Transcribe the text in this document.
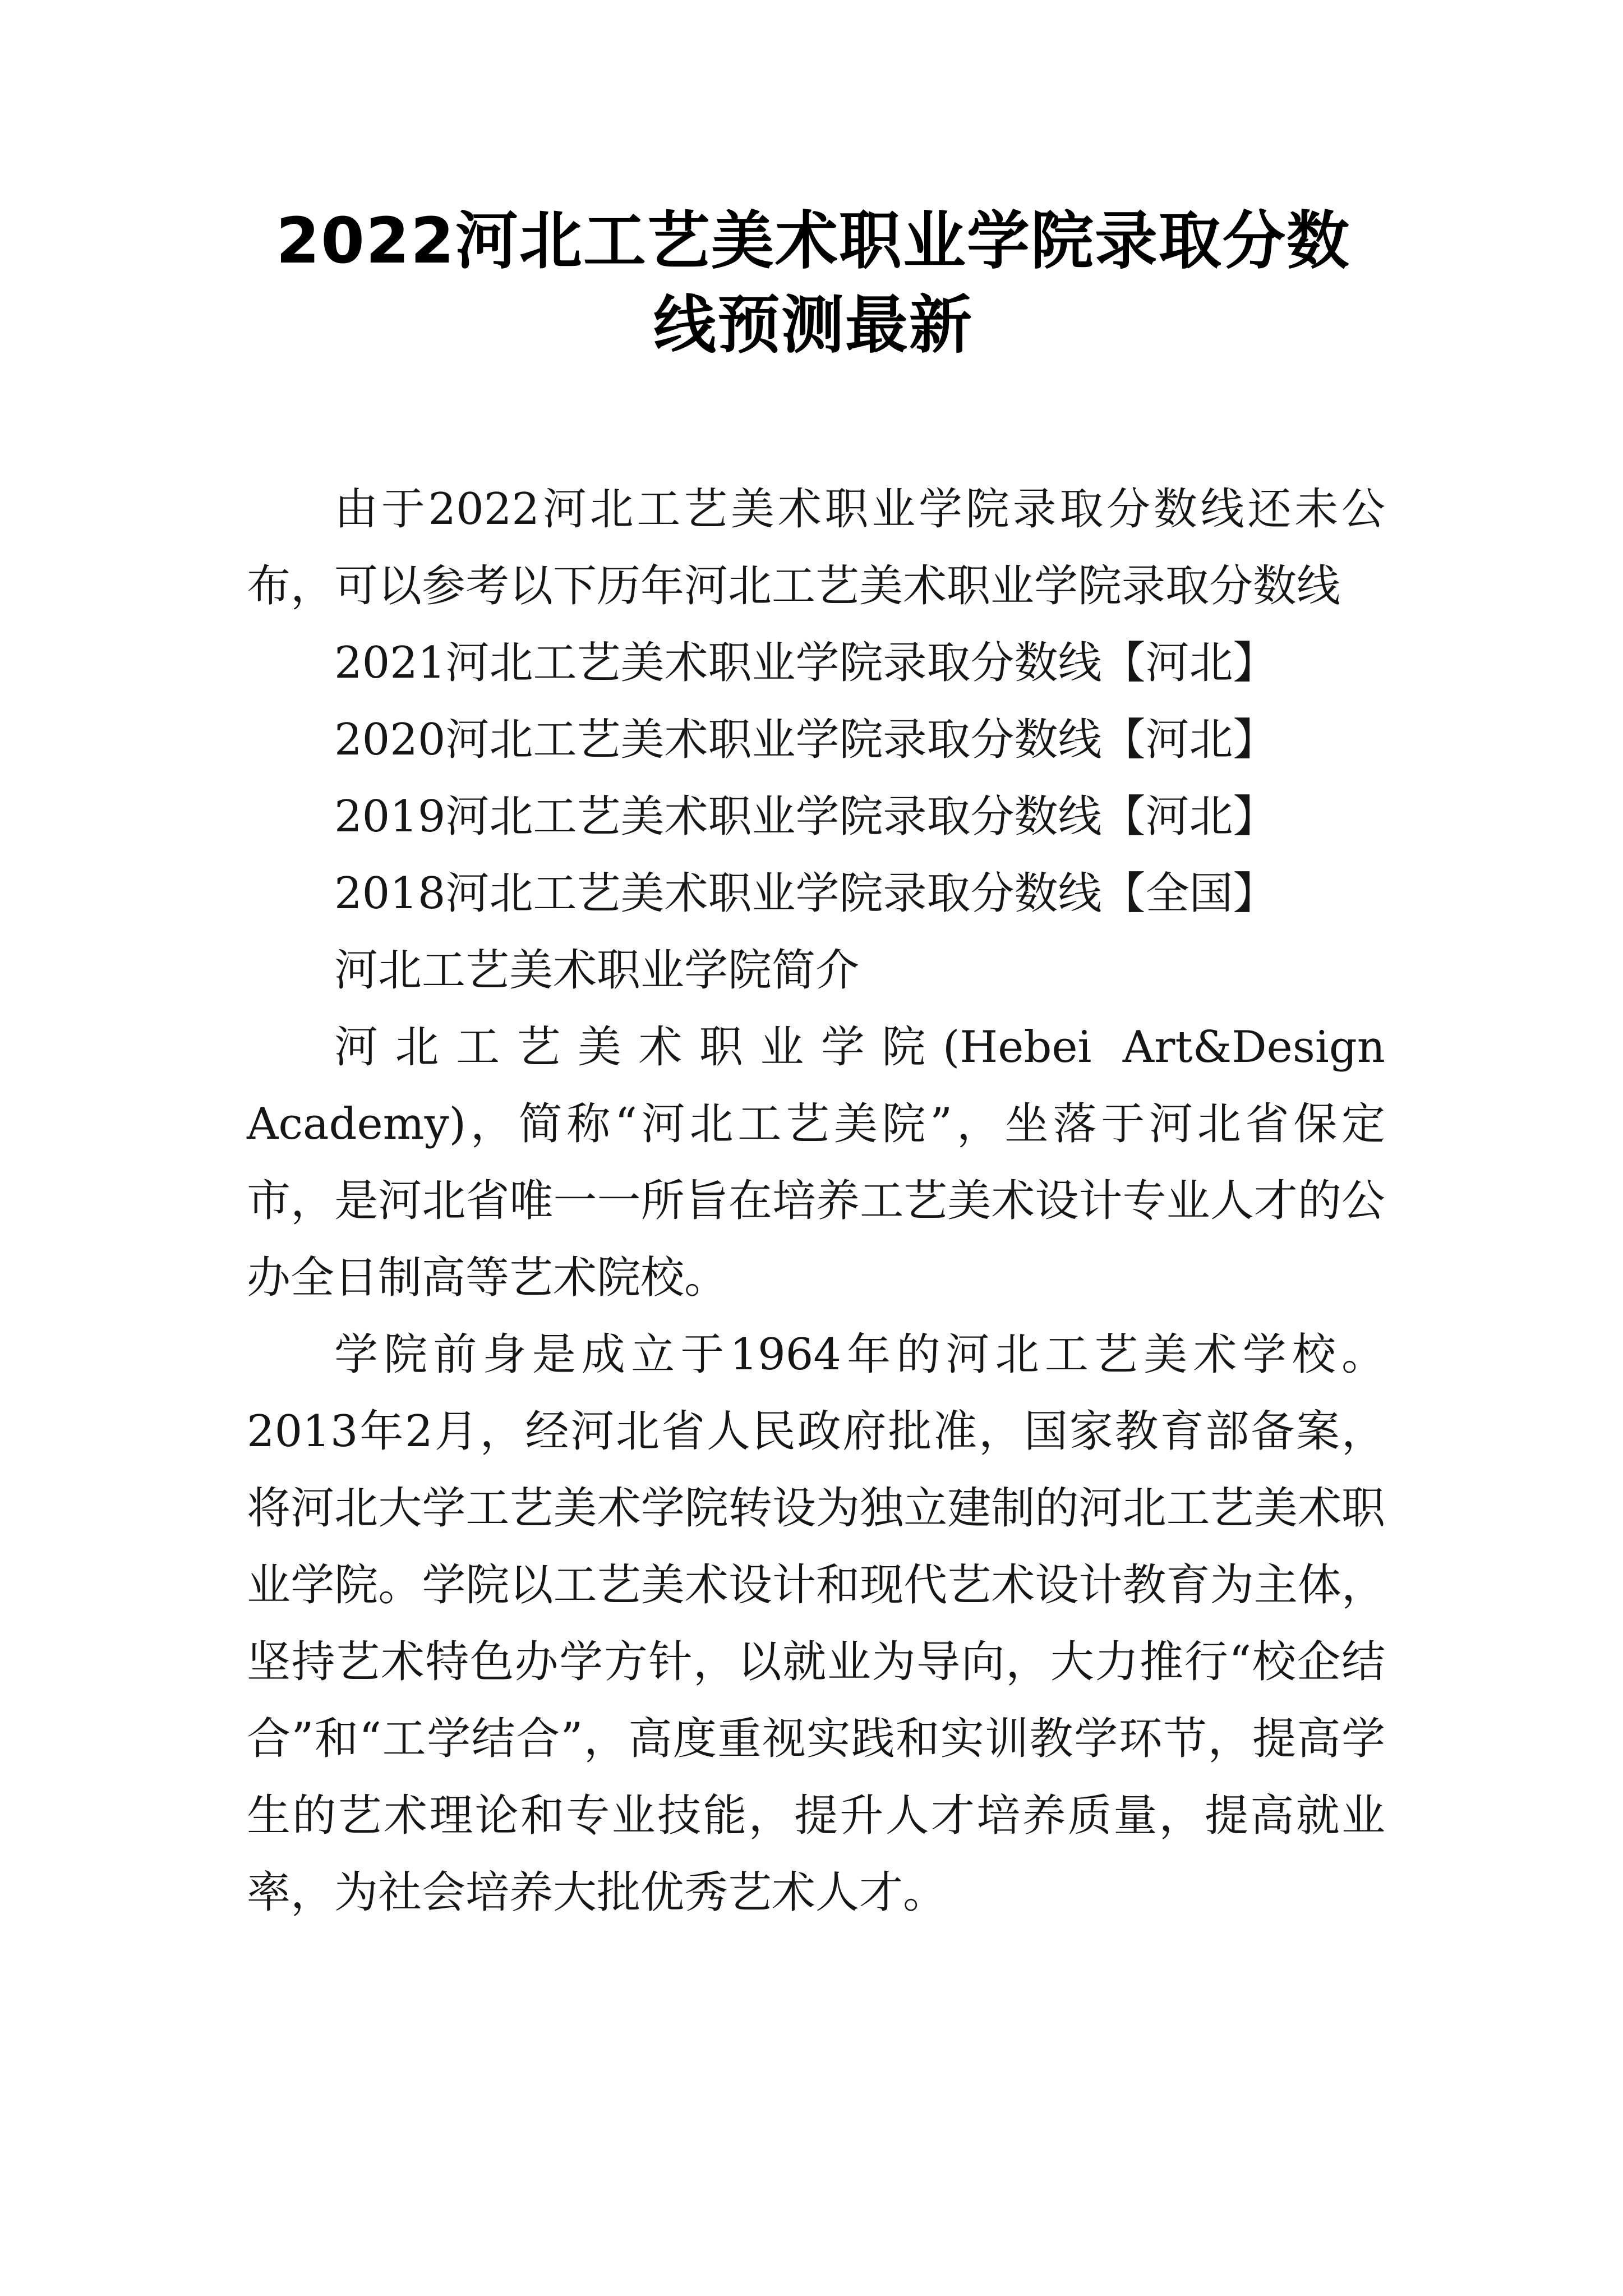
2022河北工艺美术职业学院录取分数线预测最新

由于2022河北工艺美术职业学院录取分数线还未公布，可以参考以下历年河北工艺美术职业学院录取分数线

2021河北工艺美术职业学院录取分数线【河北】

2020河北工艺美术职业学院录取分数线【河北】

2019河北工艺美术职业学院录取分数线【河北】

2018河北工艺美术职业学院录取分数线【全国】

河北工艺美术职业学院简介

河北工艺美术职业学院(Hebei Art&Design Academy)，简称“河北工艺美院”，坐落于河北省保定市，是河北省唯一一所旨在培养工艺美术设计专业人才的公办全日制高等艺术院校。

学院前身是成立于1964年的河北工艺美术学校。2013年2月，经河北省人民政府批准，国家教育部备案，将河北大学工艺美术学院转设为独立建制的河北工艺美术职业学院。学院以工艺美术设计和现代艺术设计教育为主体，坚持艺术特色办学方针，以就业为导向，大力推行“校企结合”和“工学结合”，高度重视实践和实训教学环节，提高学生的艺术理论和专业技能，提升人才培养质量，提高就业率，为社会培养大批优秀艺术人才。
